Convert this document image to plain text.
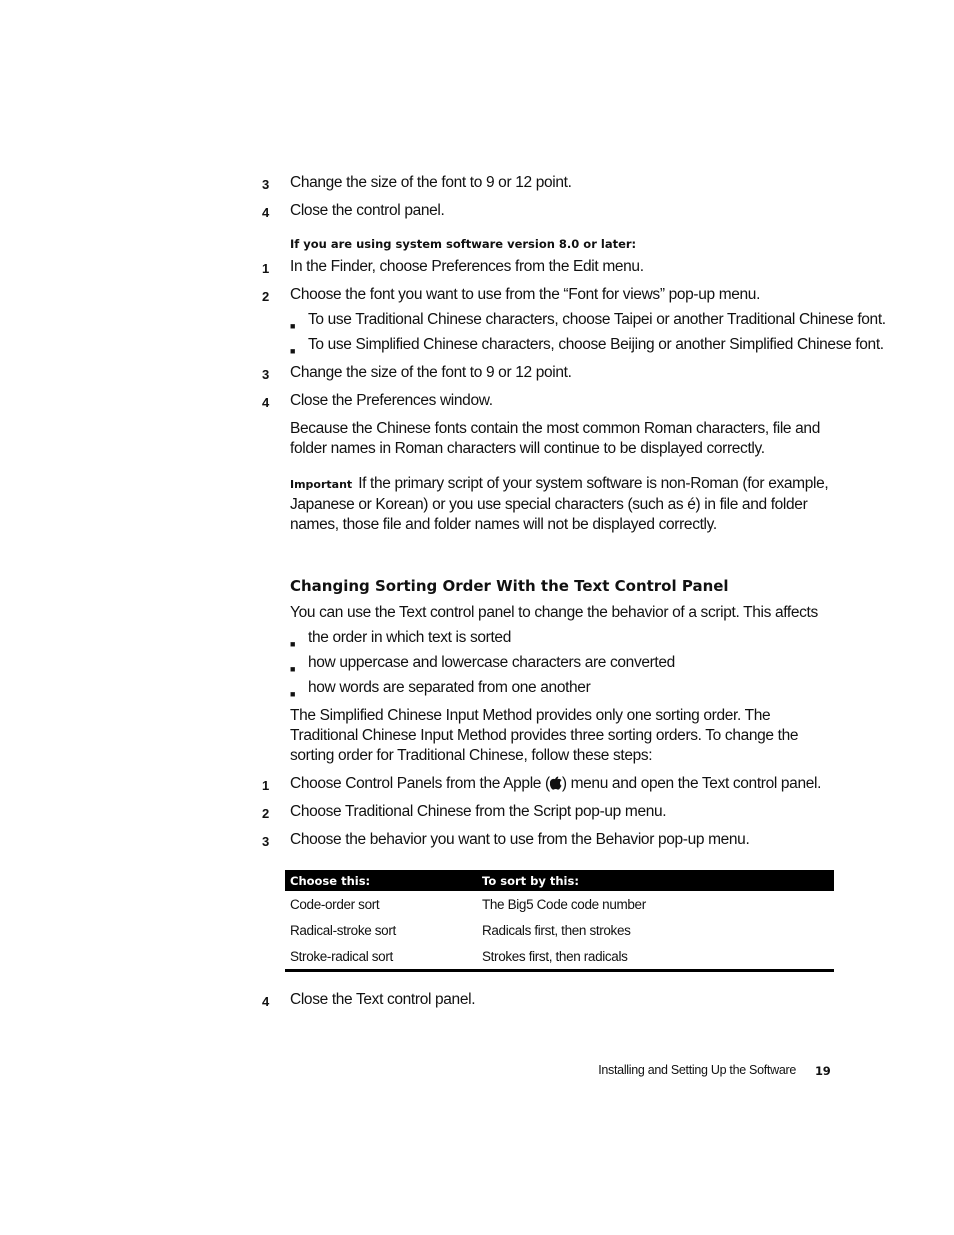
3 Change the size of the font to 9 or 12 point.
4 Close the control panel.
If you are using system software version 8.0 or later:
1 In the Finder, choose Preferences from the Edit menu.
2 Choose the font you want to use from the “Font for views” pop-up menu.
■ To use Traditional Chinese characters, choose Taipei or another Traditional Chinese font.
■ To use Simplified Chinese characters, choose Beijing or another Simplified Chinese font.
3 Change the size of the font to 9 or 12 point.
4 Close the Preferences window.

Because the Chinese fonts contain the most common Roman characters, file and folder names in Roman characters will continue to be displayed correctly.

Important If the primary script of your system software is non-Roman (for example, Japanese or Korean) or you use special characters (such as é) in file and folder names, those file and folder names will not be displayed correctly.

Changing Sorting Order With the Text Control Panel
You can use the Text control panel to change the behavior of a script. This affects
■ the order in which text is sorted
■ how uppercase and lowercase characters are converted
■ how words are separated from one another

The Simplified Chinese Input Method provides only one sorting order. The Traditional Chinese Input Method provides three sorting orders. To change the sorting order for Traditional Chinese, follow these steps:

1 Choose Control Panels from the Apple ( ) menu and open the Text control panel.
2 Choose Traditional Chinese from the Script pop-up menu.
3 Choose the behavior you want to use from the Behavior pop-up menu.
Choose this:	To sort by this:
Code-order sort	The Big5 Code code number
Radical-stroke sort	Radicals first, then strokes
Stroke-radical sort	Strokes first, then radicals
4 Close the Text control panel.
Installing and Setting Up the Software 19
